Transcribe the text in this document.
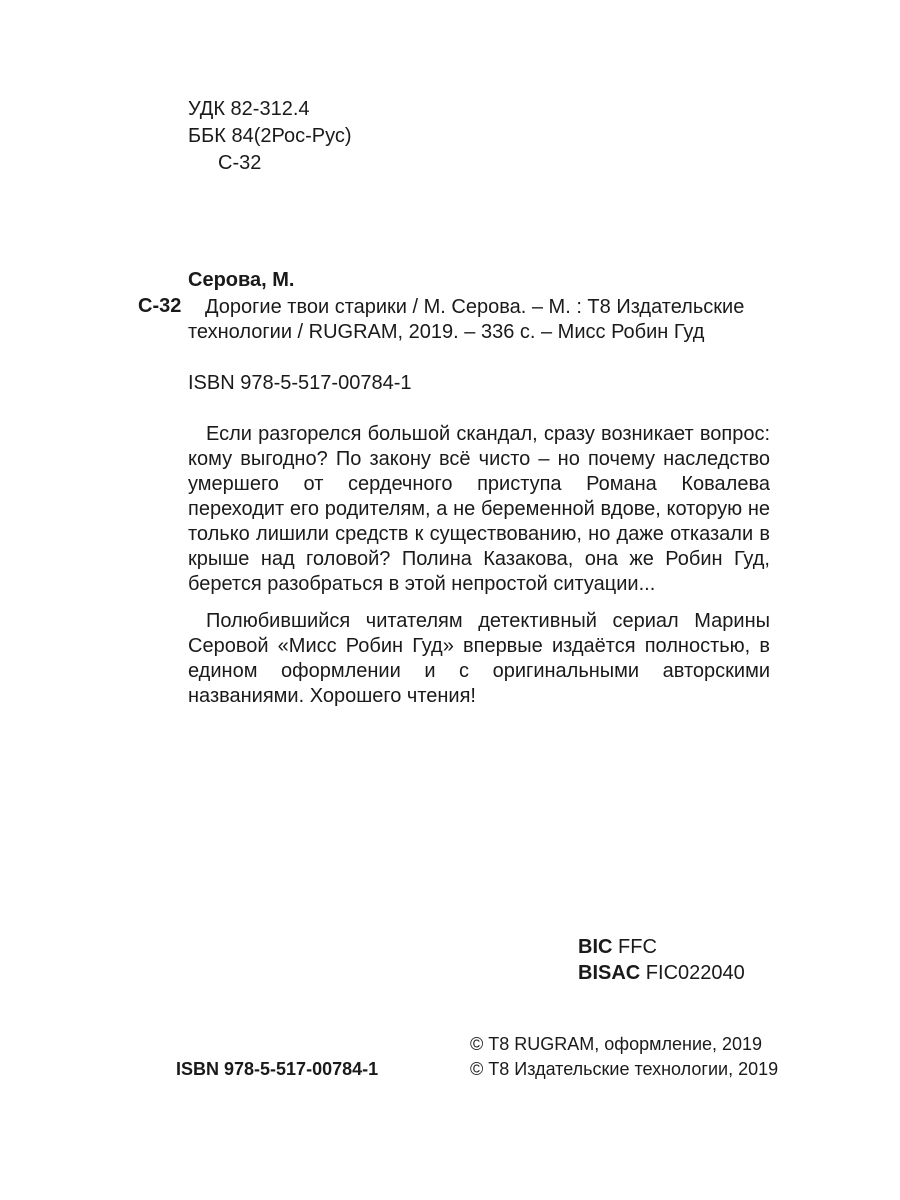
УДК 82-312.4
ББК 84(2Рос-Рус)
С-32
Серова, М.
С-32 Дорогие твои старики / М. Серова. – М. : Т8 Издательские
технологии / RUGRAM, 2019. – 336 с. – Мисс Робин Гуд
ISBN 978-5-517-00784-1

Если разгорелся большой скандал, сразу возникает вопрос: кому выгодно? По закону всё чисто – но почему наследство умершего от сердечного приступа Романа Ковалева переходит его родителям, а не беременной вдове, которую не только лишили средств к существованию, но даже отказали в крыше над головой? Полина Казакова, она же Робин Гуд, берется разобраться в этой непростой ситуации...

Полюбившийся читателям детективный сериал Марины Серовой «Мисс Робин Гуд» впервые издаётся полностью, в едином оформлении и с оригинальными авторскими названиями. Хорошего чтения!

BIC FFC
BISAC FIC022040
ISBN 978-5-517-00784-1
© Т8 RUGRAM, оформление, 2019
© Т8 Издательские технологии, 2019
